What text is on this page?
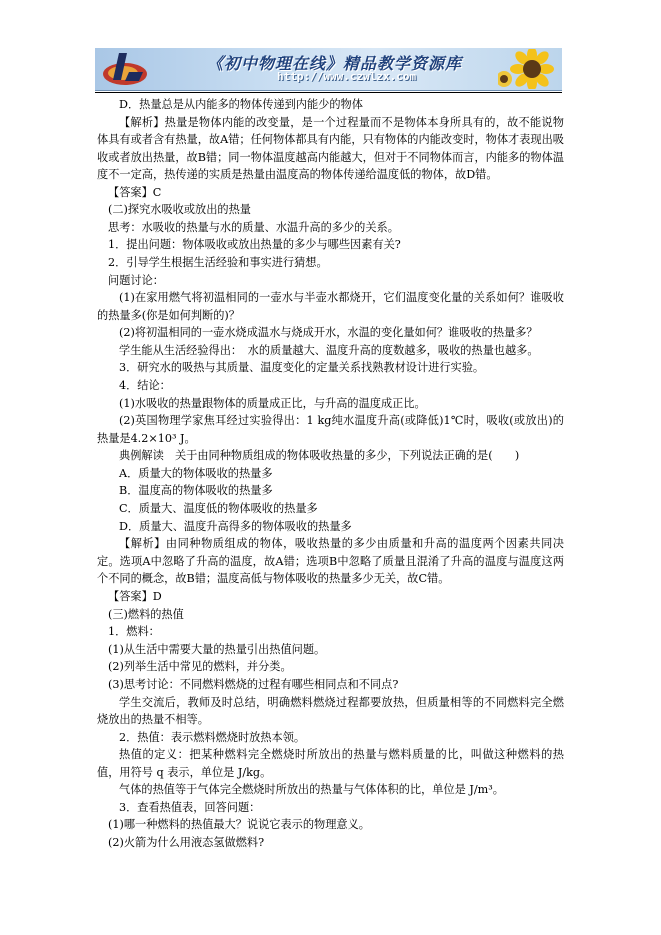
《初中物理在线》精品教学资源库
http://www.czwlzx.com
D．热量总是从内能多的物体传递到内能少的物体
【解析】热量是物体内能的改变量，是一个过程量而不是物体本身所具有的，故不能说物体具有或者含有热量，故A错；任何物体都具有内能，只有物体的内能改变时，物体才表现出吸收或者放出热量，故B错；同一物体温度越高内能越大，但对于不同物体而言，内能多的物体温度不一定高，热传递的实质是热量由温度高的物体传递给温度低的物体，故D错。
【答案】C
(二)探究水吸收或放出的热量
思考：水吸收的热量与水的质量、水温升高的多少的关系。
1．提出问题：物体吸收或放出热量的多少与哪些因素有关?
2．引导学生根据生活经验和事实进行猜想。
问题讨论：
(1)在家用燃气将初温相同的一壶水与半壶水都烧开，它们温度变化量的关系如何？谁吸收的热量多(你是如何判断的)？
(2)将初温相同的一壶水烧成温水与烧成开水，水温的变化量如何？谁吸收的热量多？
学生能从生活经验得出：　水的质量越大、温度升高的度数越多，吸收的热量也越多。
3．研究水的吸热与其质量、温度变化的定量关系找熟教材设计进行实验。
4．结论：
(1)水吸收的热量跟物体的质量成正比，与升高的温度成正比。
(2)英国物理学家焦耳经过实验得出：1 kg纯水温度升高(或降低)1℃时，吸收(或放出)的热量是4.2×10³ J。
典例解读　关于由同种物质组成的物体吸收热量的多少，下列说法正确的是(　　)
A．质量大的物体吸收的热量多
B．温度高的物体吸收的热量多
C．质量大、温度低的物体吸收的热量多
D．质量大、温度升高得多的物体吸收的热量多
【解析】由同种物质组成的物体，吸收热量的多少由质量和升高的温度两个因素共同决定。选项A中忽略了升高的温度，故A错；选项B中忽略了质量且混淆了升高的温度与温度这两个不同的概念，故B错；温度高低与物体吸收的热量多少无关，故C错。
【答案】D
(三)燃料的热值
1．燃料：
(1)从生活中需要大量的热量引出热值问题。
(2)列举生活中常见的燃料，并分类。
(3)思考讨论：不同燃料燃烧的过程有哪些相同点和不同点?
学生交流后，教师及时总结，明确燃料燃烧过程都要放热，但质量相等的不同燃料完全燃烧放出的热量不相等。
2．热值：表示燃料燃烧时放热本领。
热值的定义：把某种燃料完全燃烧时所放出的热量与燃料质量的比，叫做这种燃料的热值，用符号 q 表示，单位是 J/kg。
气体的热值等于气体完全燃烧时所放出的热量与气体体积的比，单位是 J/m³。
3．查看热值表，回答问题：
(1)哪一种燃料的热值最大？说说它表示的物理意义。
(2)火箭为什么用液态氢做燃料?
